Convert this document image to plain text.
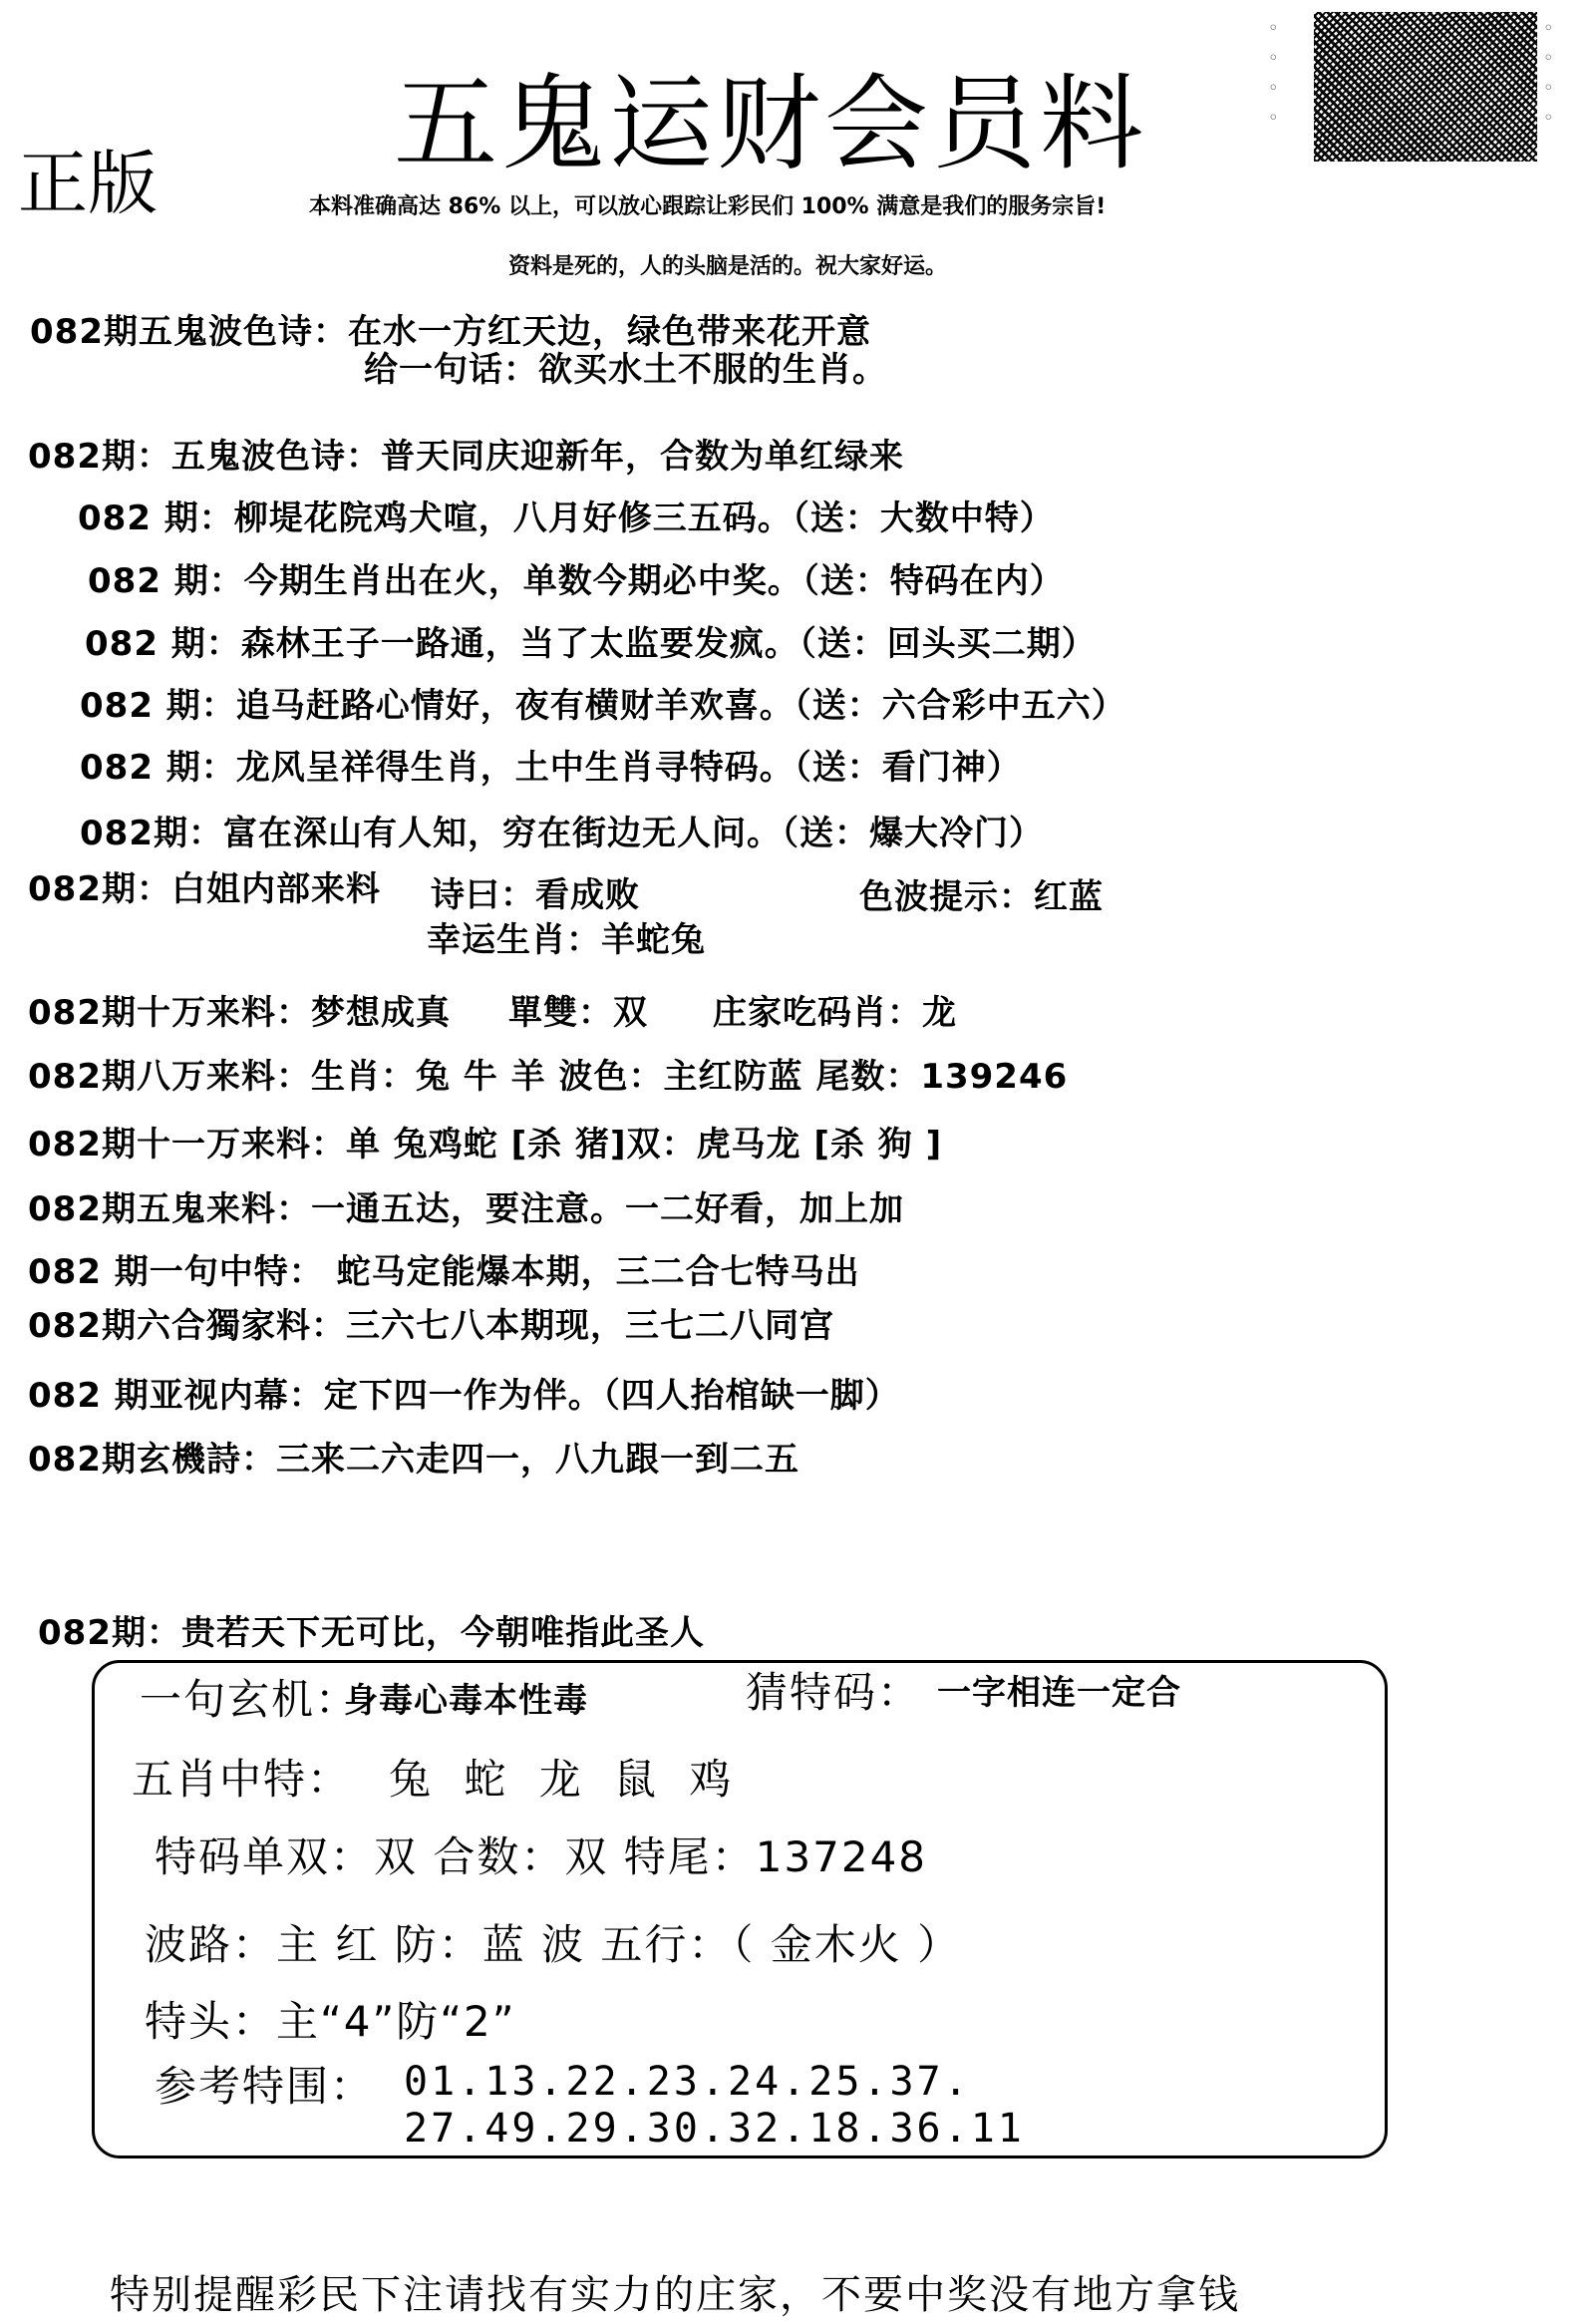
五鬼运财会员料
正版	本料准确高达 86% 以上，可以放心跟踪让彩民们 100% 满意是我们的服务宗旨!
资料是死的，人的头脑是活的。祝大家好运。
◦
◦
◦
◦
◦
◦
◦
◦
082期五鬼波色诗：在水一方红天边，绿色带来花开意
给一句话：欲买水土不服的生肖。
082期：五鬼波色诗：普天同庆迎新年，合数为单红绿来
082 期：柳堤花院鸡犬喧，八月好修三五码。（送：大数中特）
082 期：今期生肖出在火，单数今期必中奖。（送：特码在内）
082 期：森林王子一路通，当了太监要发疯。（送：回头买二期）
082 期：追马赶路心情好，夜有横财羊欢喜。（送：六合彩中五六）
082 期：龙风呈祥得生肖，土中生肖寻特码。（送：看门神）
082期：富在深山有人知，穷在街边无人问。（送：爆大冷门）
082期：白姐内部来料 诗曰：看成败	色波提示：红蓝
幸运生肖：羊蛇兔
082期十万来料：梦想成真 單雙：双 庄家吃码肖：龙
082期八万来料：生肖：兔 牛 羊 波色：主红防蓝 尾数：139246
082期十一万来料：单 兔鸡蛇 [杀 猪]双：虎马龙 [杀 狗 ]
082期五鬼来料：一通五达，要注意。一二好看，加上加
082 期一句中特： 蛇马定能爆本期，三二合七特马出
082期六合獨家料：三六七八本期现，三七二八同宫
082 期亚视内幕：定下四一作为伴。（四人抬棺缺一脚）
082期玄機詩：三来二六走四一，八九跟一到二五
082期：贵若天下无可比，今朝唯指此圣人
一句玄机：
身毒心毒本性毒	猜特码： 一字相连一定合
五肖中特： 兔 蛇 龙 鼠 鸡
特码单双：双 合数：双 特尾：137248
波路：主 红 防：蓝 波 五行：（ 金木火 ）
特头：主“4”防“2”
参考特围： 01.13.22.23.24.25.37.
27.49.29.30.32.18.36.11
特别提醒彩民下注请找有实力的庄家，不要中奖没有地方拿钱
